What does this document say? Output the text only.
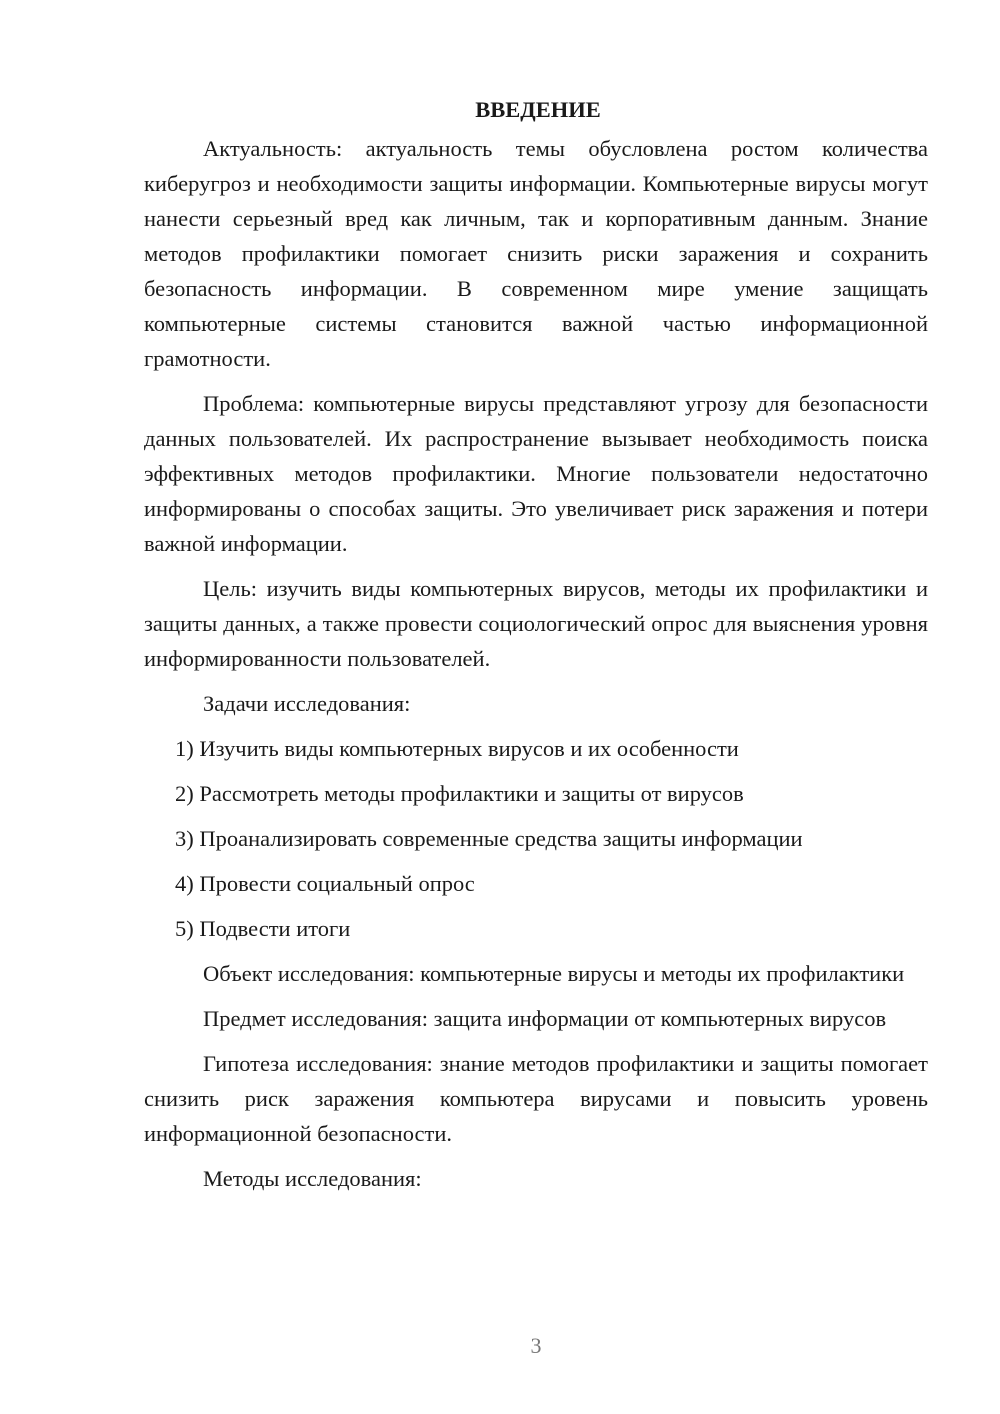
ВВЕДЕНИЕ

Актуальность: актуальность темы обусловлена ростом количества киберугроз и необходимости защиты информации. Компьютерные вирусы могут нанести серьезный вред как личным, так и корпоративным данным. Знание методов профилактики помогает снизить риски заражения и сохранить безопасность информации. В современном мире умение защищать компьютерные системы становится важной частью информационной грамотности.

Проблема: компьютерные вирусы представляют угрозу для безопасности данных пользователей. Их распространение вызывает необходимость поиска эффективных методов профилактики. Многие пользователи недостаточно информированы о способах защиты. Это увеличивает риск заражения и потери важной информации.

Цель: изучить виды компьютерных вирусов, методы их профилактики и защиты данных, а также провести социологический опрос для выяснения уровня информированности пользователей.

Задачи исследования:

1) Изучить виды компьютерных вирусов и их особенности
2) Рассмотреть методы профилактики и защиты от вирусов
3) Проанализировать современные средства защиты информации
4) Провести социальный опрос
5) Подвести итоги

Объект исследования: компьютерные вирусы и методы их профилактики

Предмет исследования: защита информации от компьютерных вирусов

Гипотеза исследования: знание методов профилактики и защиты помогает снизить риск заражения компьютера вирусами и повысить уровень информационной безопасности.

Методы исследования:

3
